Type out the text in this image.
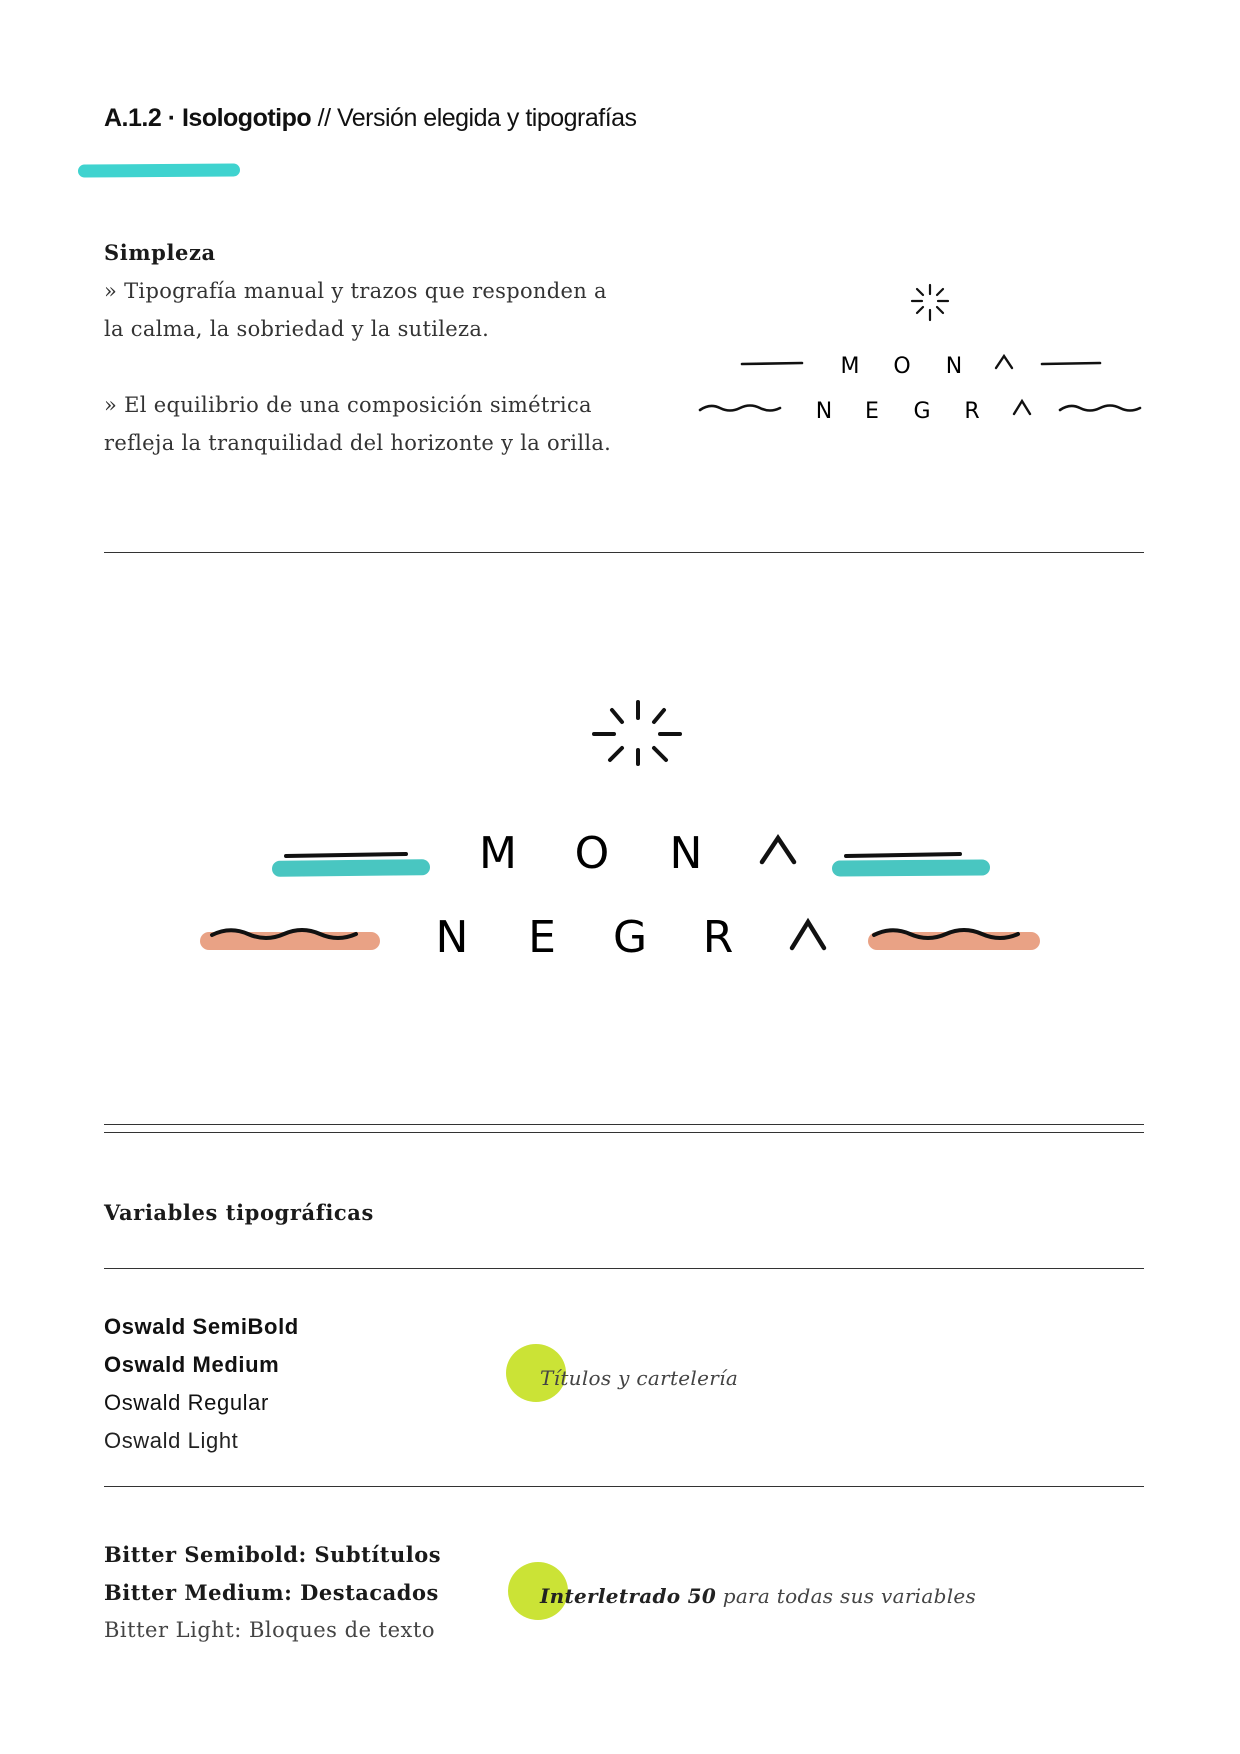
A.1.2 · Isologotipo // Versión elegida y tipografías
Simpleza
» Tipografía manual y trazos que responden a la calma, la sobriedad y la sutileza.
» El equilibrio de una composición simétrica refleja la tranquilidad del horizonte y la orilla.
M O N
N E G R
M O N
N E G R
Variables tipográficas
Oswald SemiBold
Oswald Medium
Oswald Regular
Oswald Light
Títulos y cartelería
Bitter Semibold: Subtítulos
Bitter Medium: Destacados
Bitter Light: Bloques de texto
Interletrado 50 para todas sus variables
